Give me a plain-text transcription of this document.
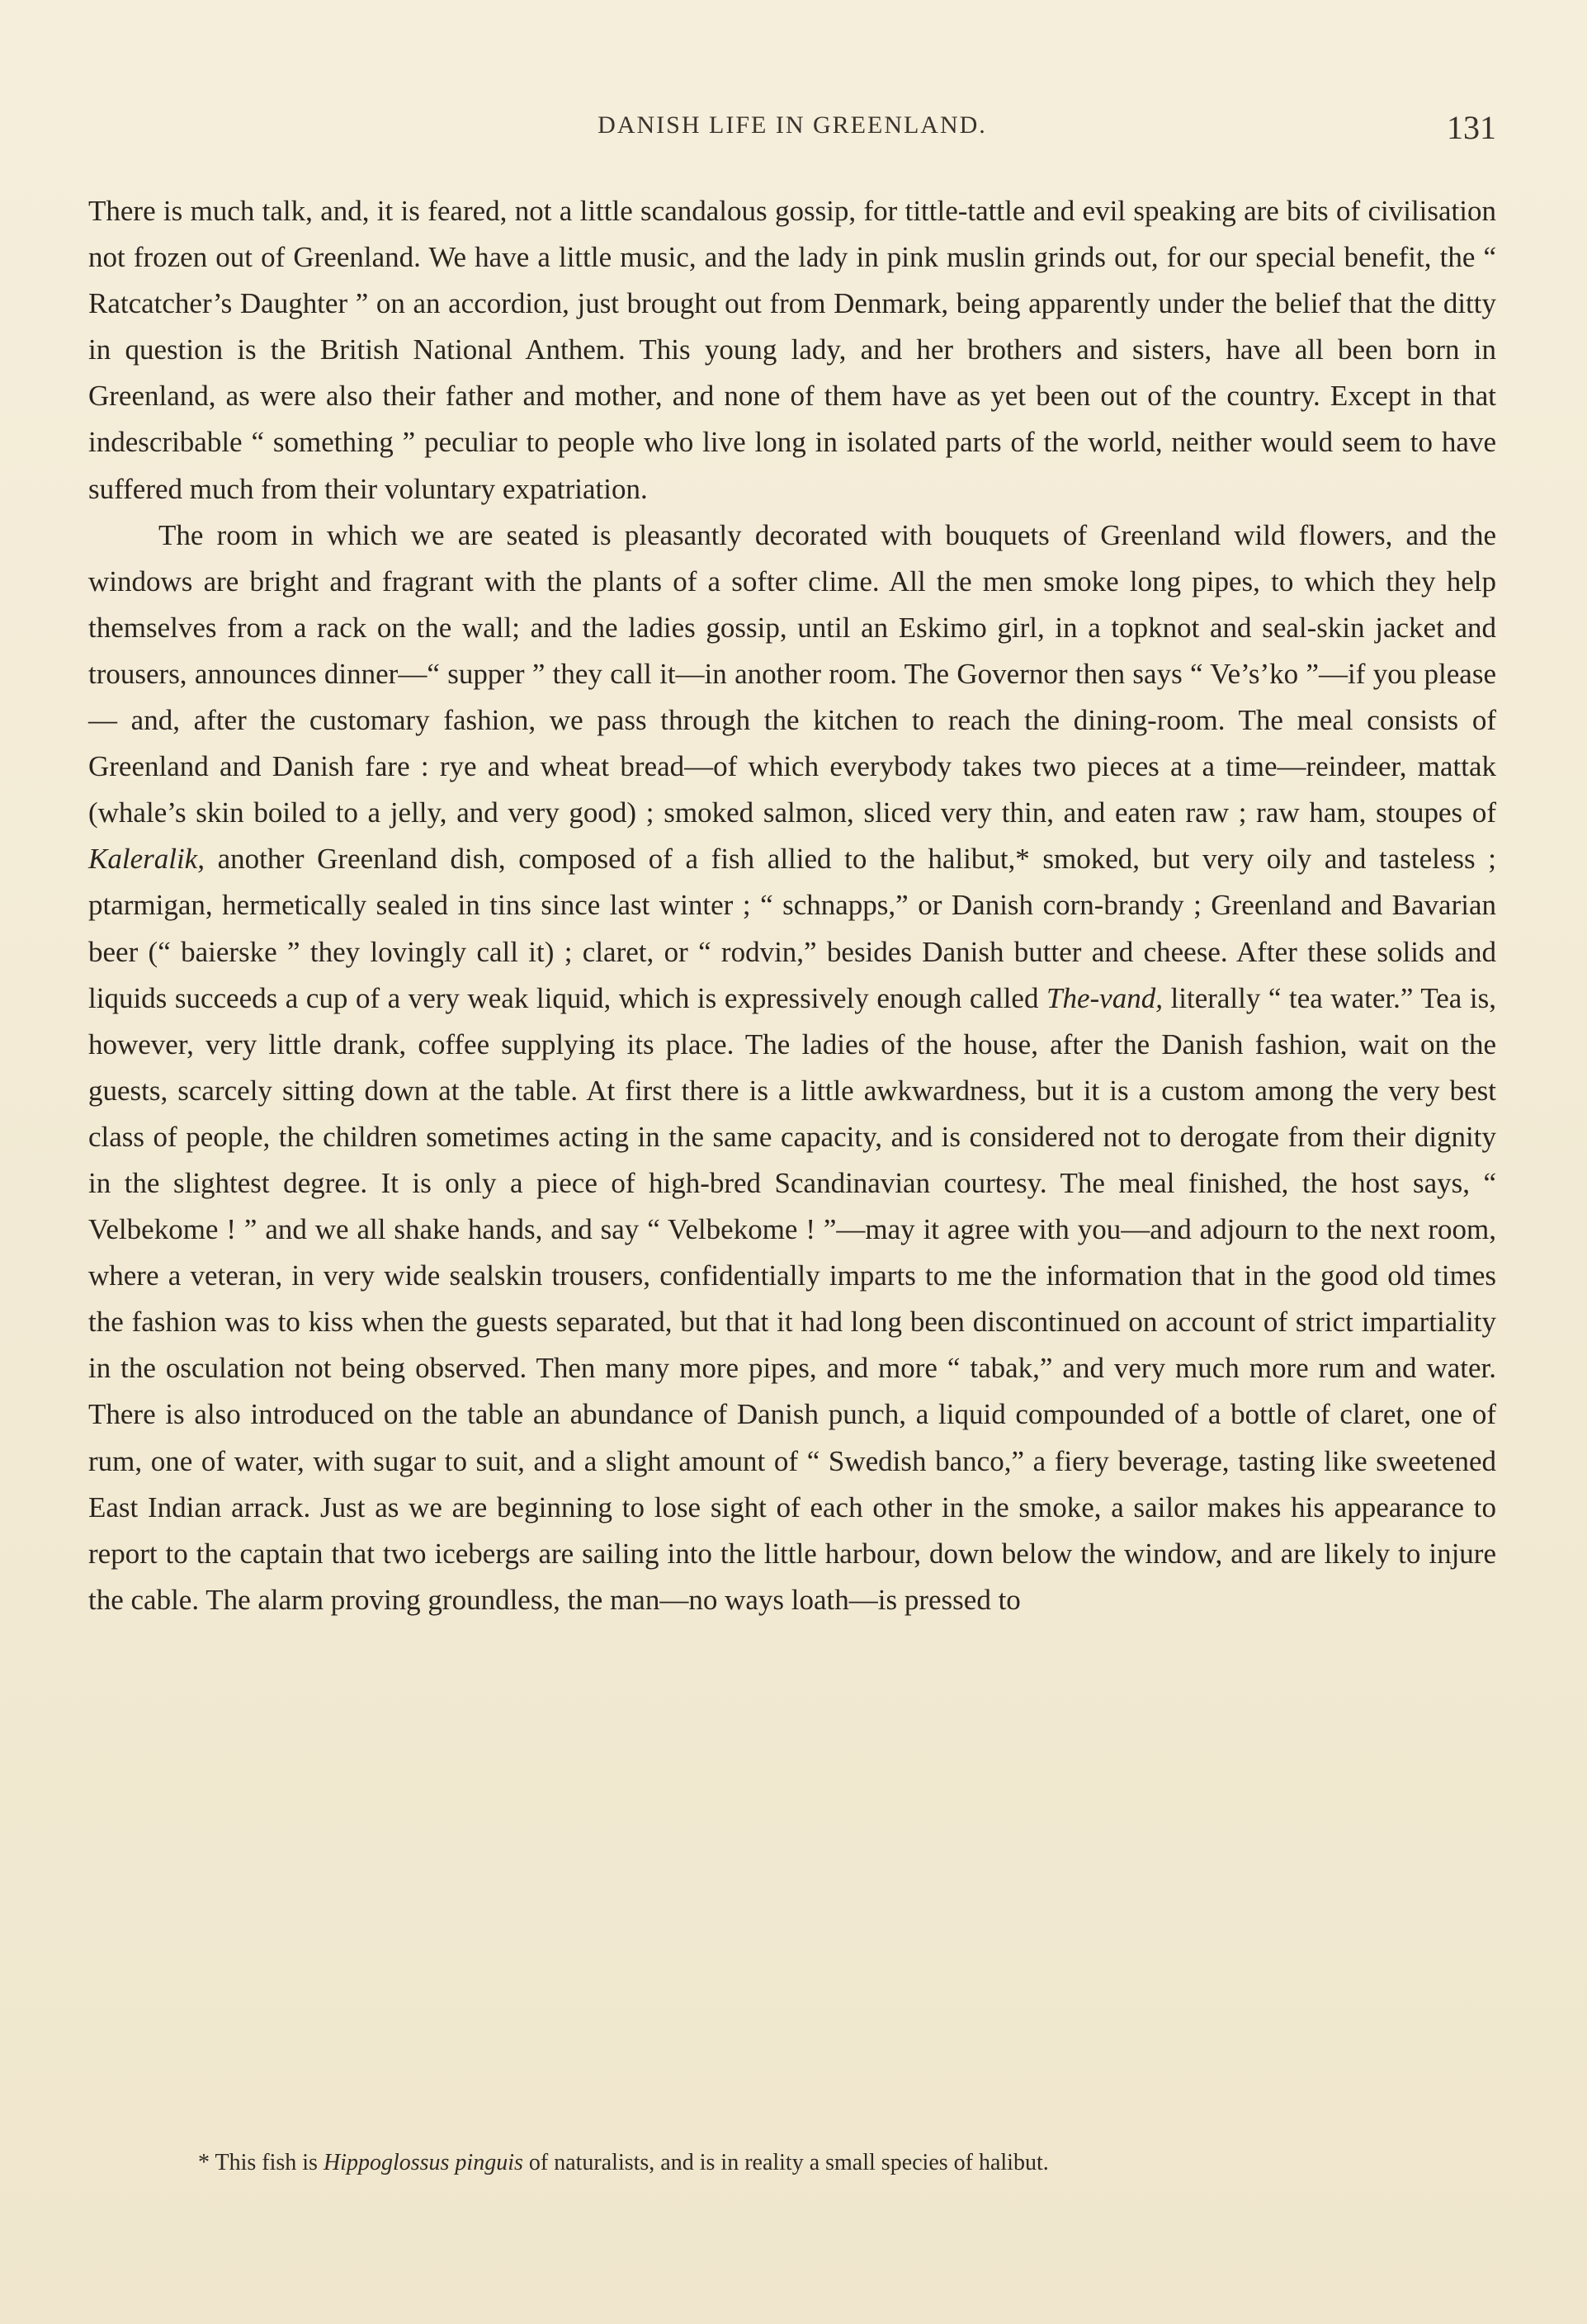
DANISH LIFE IN GREENLAND.	131

There is much talk, and, it is feared, not a little scandalous gossip, for tittle-tattle and evil speaking are bits of civilisation not frozen out of Greenland. We have a little music, and the lady in pink muslin grinds out, for our special benefit, the “ Ratcatcher’s Daughter ” on an accordion, just brought out from Denmark, being apparently under the belief that the ditty in question is the British National Anthem. This young lady, and her brothers and sisters, have all been born in Greenland, as were also their father and mother, and none of them have as yet been out of the country. Except in that indescribable “ something ” peculiar to people who live long in isolated parts of the world, neither would seem to have suffered much from their voluntary expatriation.

The room in which we are seated is pleasantly decorated with bouquets of Greenland wild flowers, and the windows are bright and fragrant with the plants of a softer clime. All the men smoke long pipes, to which they help themselves from a rack on the wall; and the ladies gossip, until an Eskimo girl, in a topknot and seal-skin jacket and trousers, announces dinner—“ supper ” they call it—in another room. The Governor then says “ Ve’s’ko ”—if you please — and, after the customary fashion, we pass through the kitchen to reach the dining-room. The meal consists of Greenland and Danish fare : rye and wheat bread—of which everybody takes two pieces at a time—reindeer, mattak (whale’s skin boiled to a jelly, and very good) ; smoked salmon, sliced very thin, and eaten raw ; raw ham, stoupes of Kaleralik, another Greenland dish, composed of a fish allied to the halibut,* smoked, but very oily and tasteless ; ptarmigan, hermetically sealed in tins since last winter ; “ schnapps,” or Danish corn-brandy ; Greenland and Bavarian beer (“ baierske ” they lovingly call it) ; claret, or “ rodvin,” besides Danish butter and cheese. After these solids and liquids succeeds a cup of a very weak liquid, which is expressively enough called The-vand, literally “ tea water.” Tea is, however, very little drank, coffee supplying its place. The ladies of the house, after the Danish fashion, wait on the guests, scarcely sitting down at the table. At first there is a little awkwardness, but it is a custom among the very best class of people, the children sometimes acting in the same capacity, and is considered not to derogate from their dignity in the slightest degree. It is only a piece of high-bred Scandinavian courtesy. The meal finished, the host says, “ Velbekome ! ” and we all shake hands, and say “ Velbekome ! ”—may it agree with you—and adjourn to the next room, where a veteran, in very wide sealskin trousers, confidentially imparts to me the information that in the good old times the fashion was to kiss when the guests separated, but that it had long been discontinued on account of strict impartiality in the osculation not being observed. Then many more pipes, and more “ tabak,” and very much more rum and water. There is also introduced on the table an abundance of Danish punch, a liquid compounded of a bottle of claret, one of rum, one of water, with sugar to suit, and a slight amount of “ Swedish banco,” a fiery beverage, tasting like sweetened East Indian arrack. Just as we are beginning to lose sight of each other in the smoke, a sailor makes his appearance to report to the captain that two icebergs are sailing into the little harbour, down below the window, and are likely to injure the cable. The alarm proving groundless, the man—no ways loath—is pressed to

* This fish is Hippoglossus pinguis of naturalists, and is in reality a small species of halibut.
